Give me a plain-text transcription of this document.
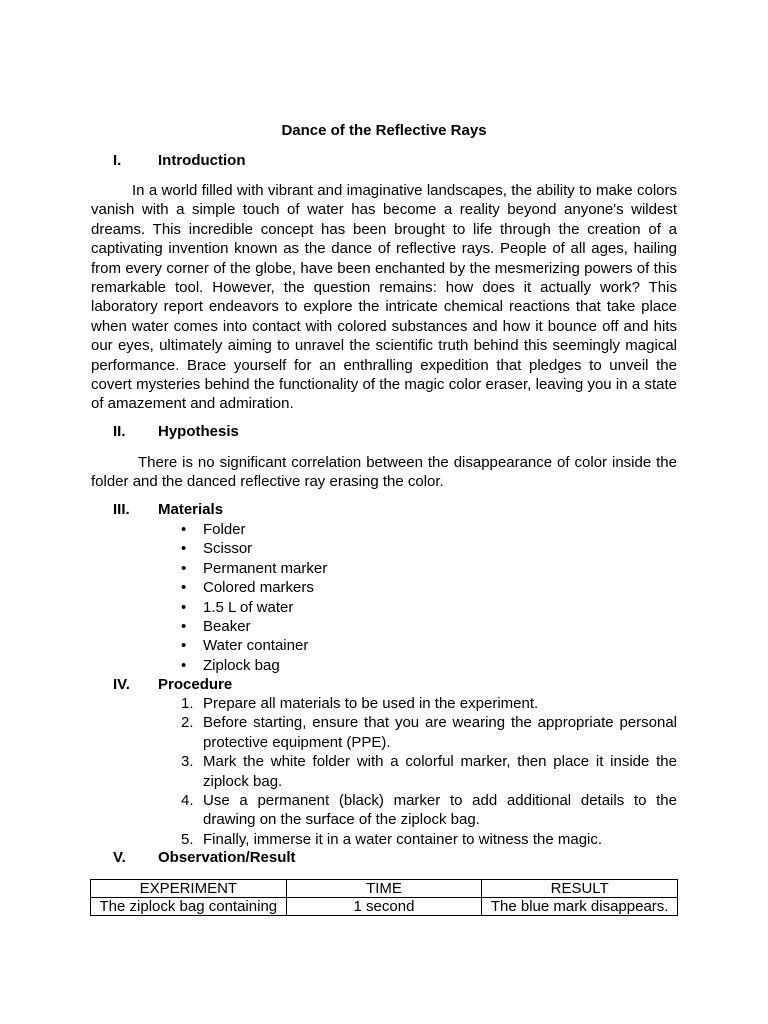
Dance of the Reflective Rays
I. Introduction

In a world filled with vibrant and imaginative landscapes, the ability to make colors vanish with a simple touch of water has become a reality beyond anyone's wildest dreams. This incredible concept has been brought to life through the creation of a captivating invention known as the dance of reflective rays. People of all ages, hailing from every corner of the globe, have been enchanted by the mesmerizing powers of this remarkable tool. However, the question remains: how does it actually work? This laboratory report endeavors to explore the intricate chemical reactions that take place when water comes into contact with colored substances and how it bounce off and hits our eyes, ultimately aiming to unravel the scientific truth behind this seemingly magical performance. Brace yourself for an enthralling expedition that pledges to unveil the covert mysteries behind the functionality of the magic color eraser, leaving you in a state of amazement and admiration.

II. Hypothesis

There is no significant correlation between the disappearance of color inside the folder and the danced reflective ray erasing the color.

III. Materials
• Folder
• Scissor
• Permanent marker
• Colored markers
• 1.5 L of water
• Beaker
• Water container
• Ziplock bag
IV. Procedure
1. Prepare all materials to be used in the experiment.
2. Before starting, ensure that you are wearing the appropriate personal protective equipment (PPE).
3. Mark the white folder with a colorful marker, then place it inside the ziplock bag.
4. Use a permanent (black) marker to add additional details to the drawing on the surface of the ziplock bag.
5. Finally, immerse it in a water container to witness the magic.
V. Observation/Result
EXPERIMENT	TIME	RESULT
The ziplock bag containing	1 second	The blue mark disappears.
